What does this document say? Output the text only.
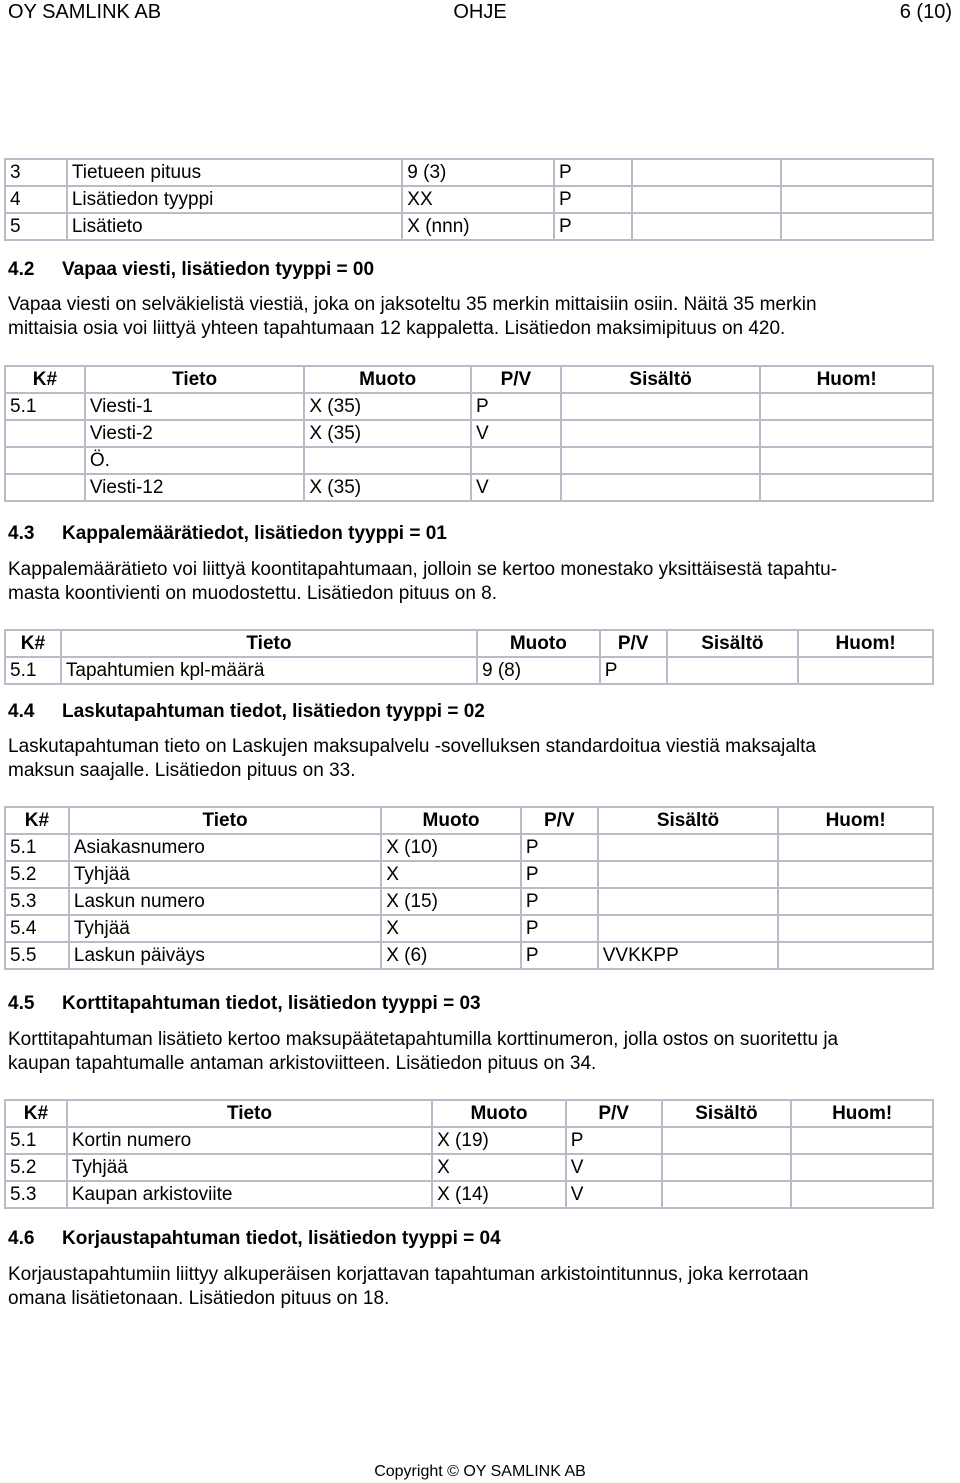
OY SAMLINK AB	OHJE	6 (10)
3	Tietueen pituus	9 (3)	P		
4	Lisätiedon tyyppi	XX	P		
5	Lisätieto	X (nnn)	P		
4.2 Vapaa viesti, lisätiedon tyyppi = 00

Vapaa viesti on selväkielistä viestiä, joka on jaksoteltu 35 merkin mittaisiin osiin. Näitä 35 merkin
mittaisia osia voi liittyä yhteen tapahtumaan 12 kappaletta. Lisätiedon maksimipituus on 420.

K#	Tieto	Muoto	P/V	Sisältö	Huom!
5.1	Viesti-1	X (35)	P		
	Viesti-2	X (35)	V		
	Ö.				
	Viesti-12	X (35)	V		
4.3 Kappalemäärätiedot, lisätiedon tyyppi = 01

Kappalemäärätieto voi liittyä koontitapahtumaan, jolloin se kertoo monestako yksittäisestä tapahtu-
masta koontivienti on muodostettu. Lisätiedon pituus on 8.

K#	Tieto	Muoto	P/V	Sisältö	Huom!
5.1	Tapahtumien kpl-määrä	9 (8)	P		
4.4 Laskutapahtuman tiedot, lisätiedon tyyppi = 02

Laskutapahtuman tieto on Laskujen maksupalvelu -sovelluksen standardoitua viestiä maksajalta
maksun saajalle. Lisätiedon pituus on 33.

K#	Tieto	Muoto	P/V	Sisältö	Huom!
5.1	Asiakasnumero	X (10)	P		
5.2	Tyhjää	X	P		
5.3	Laskun numero	X (15)	P		
5.4	Tyhjää	X	P		
5.5	Laskun päiväys	X (6)	P	VVKKPP	
4.5 Korttitapahtuman tiedot, lisätiedon tyyppi = 03

Korttitapahtuman lisätieto kertoo maksupäätetapahtumilla korttinumeron, jolla ostos on suoritettu ja
kaupan tapahtumalle antaman arkistoviitteen. Lisätiedon pituus on 34.

K#	Tieto	Muoto	P/V	Sisältö	Huom!
5.1	Kortin numero	X (19)	P		
5.2	Tyhjää	X	V		
5.3	Kaupan arkistoviite	X (14)	V		
4.6 Korjaustapahtuman tiedot, lisätiedon tyyppi = 04

Korjaustapahtumiin liittyy alkuperäisen korjattavan tapahtuman arkistointitunnus, joka kerrotaan
omana lisätietonaan. Lisätiedon pituus on 18.

Copyright © OY SAMLINK AB
